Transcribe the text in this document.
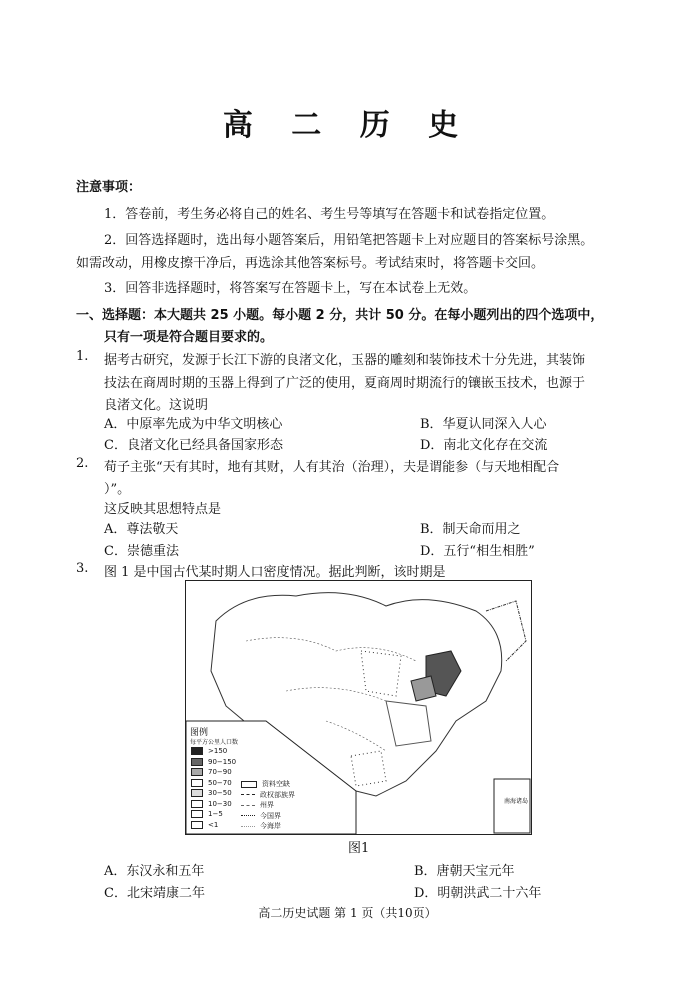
高 二 历 史
注意事项：
1．答卷前，考生务必将自己的姓名、考生号等填写在答题卡和试卷指定位置。
2．回答选择题时，选出每小题答案后，用铅笔把答题卡上对应题目的答案标号涂黑。
如需改动，用橡皮擦干净后，再选涂其他答案标号。考试结束时，将答题卡交回。
3．回答非选择题时，将答案写在答题卡上，写在本试卷上无效。
一、选择题：本大题共 25 小题。每小题 2 分，共计 50 分。在每小题列出的四个选项中，
只有一项是符合题目要求的。
1. 据考古研究，发源于长江下游的良渚文化，玉器的雕刻和装饰技术十分先进，其装饰
技法在商周时期的玉器上得到了广泛的使用，夏商周时期流行的镶嵌玉技术，也源于
良渚文化。这说明
A．中原率先成为中华文明核心	B．华夏认同深入人心
C．良渚文化已经具备国家形态	D．南北文化存在交流
2. 荀子主张“天有其时，地有其财，人有其治（治理），夫是谓能参（与天地相配合
）”。
这反映其思想特点是
A．尊法敬天	B．制天命而用之
C．崇德重法	D．五行“相生相胜”
3. 图 1 是中国古代某时期人口密度情况。据此判断，该时期是
南海诸岛
图例
每平方公里人口数
>150
90−150
70−90
50−70
30−50
10−30
1−5
<1
资料空缺
政权部族界
州界
今国界
今海岸
图1
A．东汉永和五年	B．唐朝天宝元年
C．北宋靖康二年	D．明朝洪武二十六年
高二历史试题 第 1 页（共10页）
